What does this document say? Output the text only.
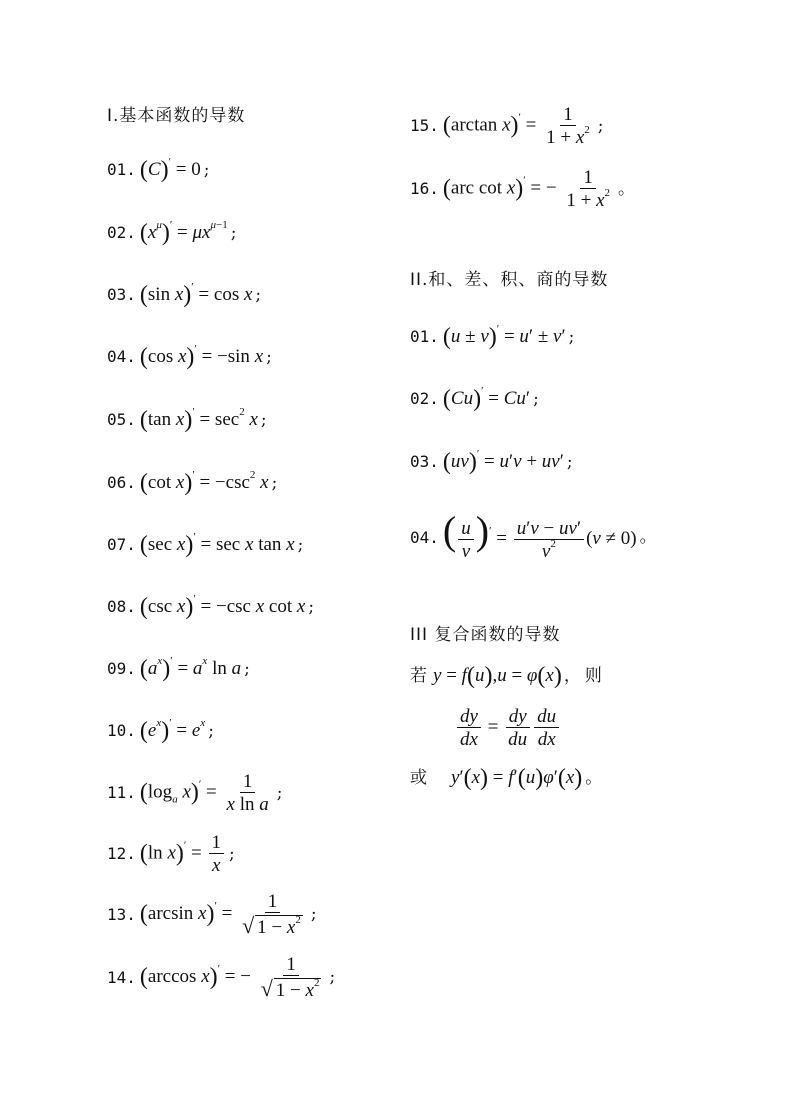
I.基本函数的导数
01. (C)′ = 0 ;
02. $(x^\mu)' = \mu x^{\mu-1}$ ;
03. (sin x)′ = cos x ;
04. (cos x)′ = −sin x ;
05. (tan $x)' = \sec^2 x$ ;
06. (cot $x)' = -\csc^2$ x ;
07. (sec x)′ = sec x tan x ;
08. (csc x)′ = −csc x cot x ;
09. $(a^x)' = a^x$ ln a ;
10. $(e^x)' = e^x$ ;
11. ($\log_a$ $x)' = \frac{1}{\text{x ln a}}$ ;
12. (ln $x)' = \frac{1}{x}$ ;
13. (arcsin $x)' = \frac{1}{√ 1 - x^2}$ ;
14. (arccos x)′ = − $\frac{1}{√ 1 - x^2}$ ;
15. (arctan $x)' = \frac{1}{1 + x^2}$ ;
16. (arc cot x)′ = − $\frac{1}{1 + x^2}$ 。
II.和、差、积、商的导数
01. (u ± v)′ = u′ ± v′ ;
02. (Cu)′ = Cu′ ;
03. (uv)′ = u′v + uv′ ;
04. ( $\frac{u}{v} )' = \frac{u'v - uv'}{v^2} (v \ne 0)$ 。
III 复合函数的导数
若 y = f(u),u = φ(x) ， 则
$\frac{dy}{dx} = \frac{dy}{du} \frac{du}{dx}$
或 y′(x) = f′(u)φ′(x) 。
